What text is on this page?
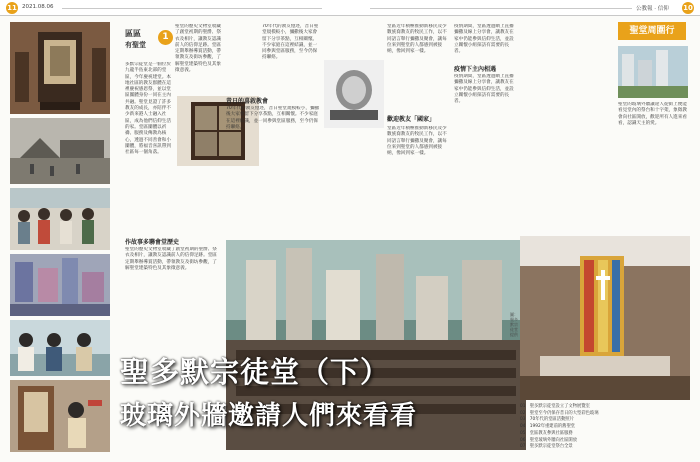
11 2021.08.06	公教報 · 信仰 10
區區
有聖堂
1
多默宗徒堂是一個位於九龍半島東北部的堂區，今年慶祝建堂。本地社區的教友群體在這裡慶祝感恩祭，並以堂區團體身份一同在主內共融。聖堂見證了許多教友的成長，亦陪伴不少新來港人士融入社區，成為他們信仰生活的家。堂區團體以祈禱、服務及傳教為核心，透過不同善會和小團體，將福音喜訊帶到社區每一個角落。
聖堂的歷史文物室收藏了創堂初期的聖爵、祭衣及相片，讓教友認識前人的信仰足跡。堂區定期舉辦導賞活動，帶領教友及街坊參觀，了解聖堂建築特色及其象徵意義。
作故事多聯會堂歷史
聖堂的歷史文物室收藏了創堂初期的聖爵、祭衣及相片，讓教友認識前人的信仰足跡。堂區定期舉辦導賞活動，帶領教友及街坊參觀，了解聖堂建築特色及其象徵意義。
70年代的教友憶述，昔日聖堂規模較小，彌撒後大家會留下分享茶點，互相關懷。不少家庭在這裡結識，並一同參與堂區服務，至今仍保持聯絡。
昔日的喜敘教會
70年代的教友憶述，昔日聖堂規模較小，彌撒後大家會留下分享茶點，互相關懷。不少家庭在這裡結識，並一同參與堂區服務，至今仍保持聯絡。
歡迎教友「國家」
堂區近年積極推動新移民及少數族裔教友的牧民工作，以不同語言舉行彌撒及聚會，讓每位來到聖堂的人都感到被接納，像回到家一樣。
堂區近年積極推動新移民及少數族裔教友的牧民工作，以不同語言舉行彌撒及聚會，讓每位來到聖堂的人都感到被接納，像回到家一樣。
疫情期間，堂區透過網上直播彌撒及線上分享會，讓教友在家中仍能參與信仰生活，並設立關懷小組探訪有需要的長者。
疫情下主內相遇
疫情期間，堂區透過網上直播彌撒及線上分享會，讓教友在家中仍能參與信仰生活，並設立關懷小組探訪有需要的長者。
聖堂周圍行
聖堂的玻璃外牆讓途人從街上便能看見堂內的祭台和十字架，象徵教會向社區開放，歡迎所有人進來看看，認識天主的愛。
圖：聖多默宗徒堂提供
聖多默宗徒堂（下）
玻璃外牆邀請人們來看看	01　聖多默宗徒堂設立了文物展覽室
02　聖堂至今仍保存昔日的大型彩色玻璃
03　70年代的堂區活動照片
04　1992年重建前的舊聖堂
05　堂區教友參與社區服務
06　聖堂玻璃外牆向社區開放
07　聖多默宗徒堂祭台全景
